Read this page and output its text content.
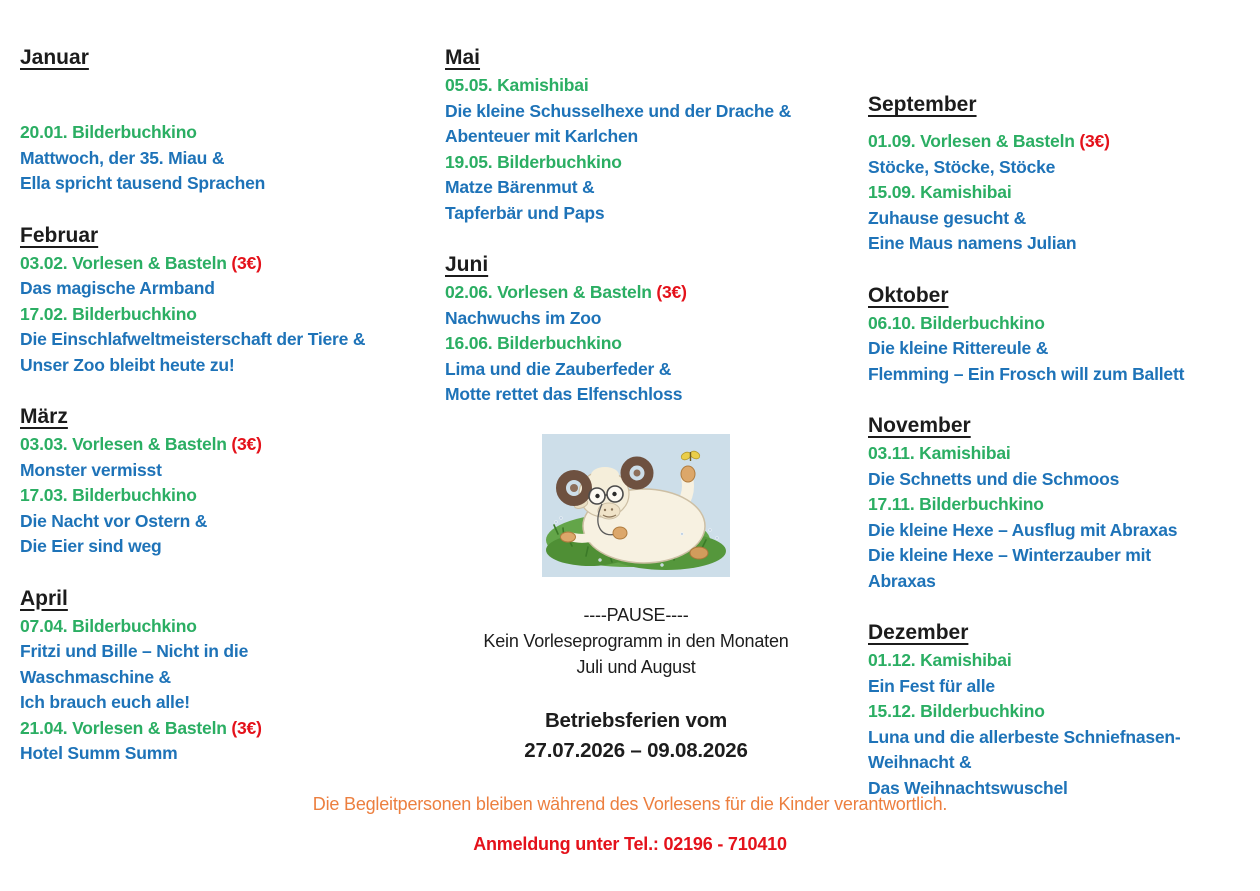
Januar
20.01. Bilderbuchkino
Mattwoch, der 35. Miau &
Ella spricht tausend Sprachen
Februar
03.02. Vorlesen & Basteln (3€)
Das magische Armband
17.02. Bilderbuchkino
Die Einschlafweltmeisterschaft der Tiere &
Unser Zoo bleibt heute zu!
März
03.03. Vorlesen & Basteln (3€)
Monster vermisst
17.03. Bilderbuchkino
Die Nacht vor Ostern &
Die Eier sind weg
April
07.04. Bilderbuchkino
Fritzi und Bille – Nicht in die
Waschmaschine &
Ich brauch euch alle!
21.04. Vorlesen & Basteln (3€)
Hotel Summ Summ
Mai
05.05. Kamishibai
Die kleine Schusselhexe und der Drache &
Abenteuer mit Karlchen
19.05. Bilderbuchkino
Matze Bärenmut &
Tapferbär und Paps
Juni
02.06. Vorlesen & Basteln (3€)
Nachwuchs im Zoo
16.06. Bilderbuchkino
Lima und die Zauberfeder &
Motte rettet das Elfenschloss
----PAUSE----
Kein Vorleseprogramm in den Monaten
Juli und August
Betriebsferien vom
27.07.2026 – 09.08.2026
September
01.09. Vorlesen & Basteln (3€)
Stöcke, Stöcke, Stöcke
15.09. Kamishibai
Zuhause gesucht &
Eine Maus namens Julian
Oktober
06.10. Bilderbuchkino
Die kleine Rittereule &
Flemming – Ein Frosch will zum Ballett
November
03.11. Kamishibai
Die Schnetts und die Schmoos
17.11. Bilderbuchkino
Die kleine Hexe – Ausflug mit Abraxas
Die kleine Hexe – Winterzauber mit
Abraxas
Dezember
01.12. Kamishibai
Ein Fest für alle
15.12. Bilderbuchkino
Luna und die allerbeste Schniefnasen-
Weihnacht &
Das Weihnachtswuschel
Die Begleitpersonen bleiben während des Vorlesens für die Kinder verantwortlich.
Anmeldung unter Tel.: 02196 - 710410
